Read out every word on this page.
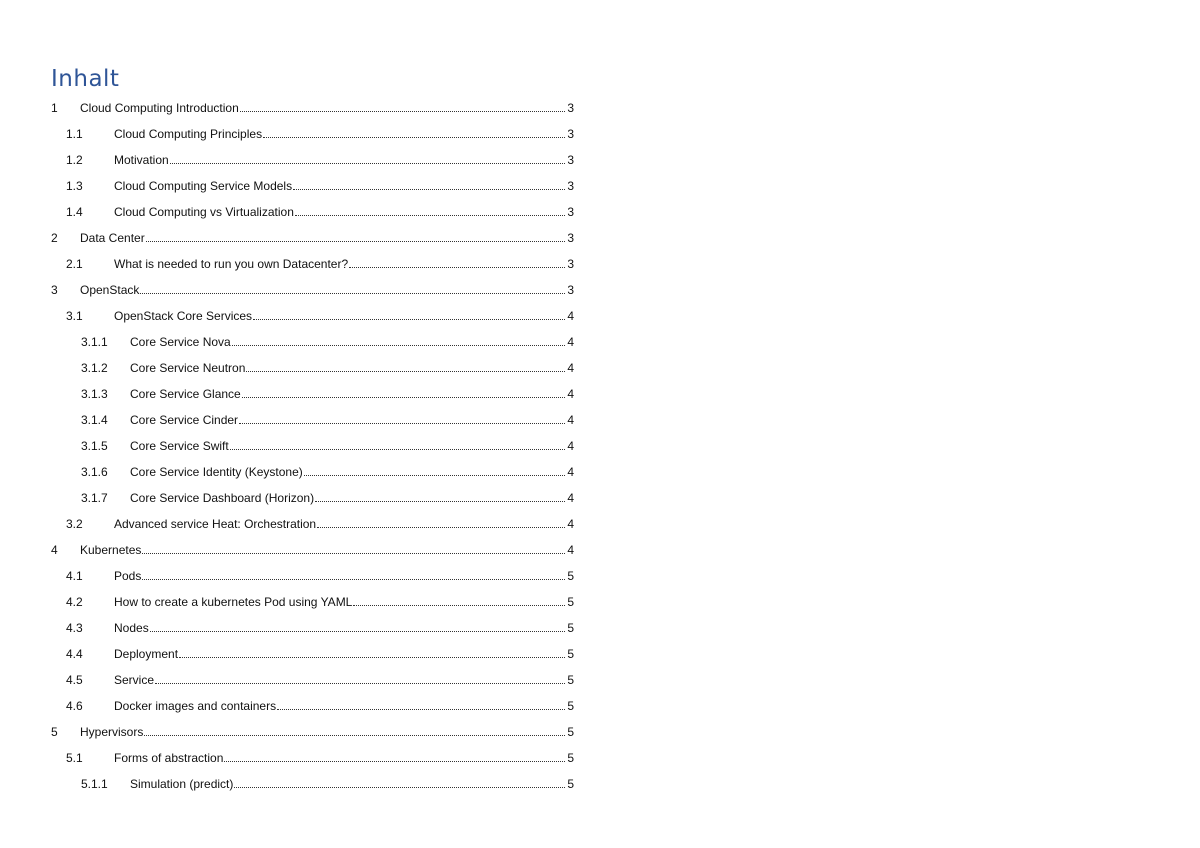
Inhalt
1	Cloud Computing Introduction	3
1.1	Cloud Computing Principles	3
1.2	Motivation	3
1.3	Cloud Computing Service Models	3
1.4	Cloud Computing vs Virtualization	3
2	Data Center	3
2.1	What is needed to run you own Datacenter?	3
3	OpenStack	3
3.1	OpenStack Core Services	4
3.1.1	Core Service Nova	4
3.1.2	Core Service Neutron	4
3.1.3	Core Service Glance	4
3.1.4	Core Service Cinder	4
3.1.5	Core Service Swift	4
3.1.6	Core Service Identity (Keystone)	4
3.1.7	Core Service Dashboard (Horizon)	4
3.2	Advanced service Heat: Orchestration	4
4	Kubernetes	4
4.1	Pods	5
4.2	How to create a kubernetes Pod using YAML	5
4.3	Nodes	5
4.4	Deployment	5
4.5	Service	5
4.6	Docker images and containers	5
5	Hypervisors	5
5.1	Forms of abstraction	5
5.1.1	Simulation (predict)	5
